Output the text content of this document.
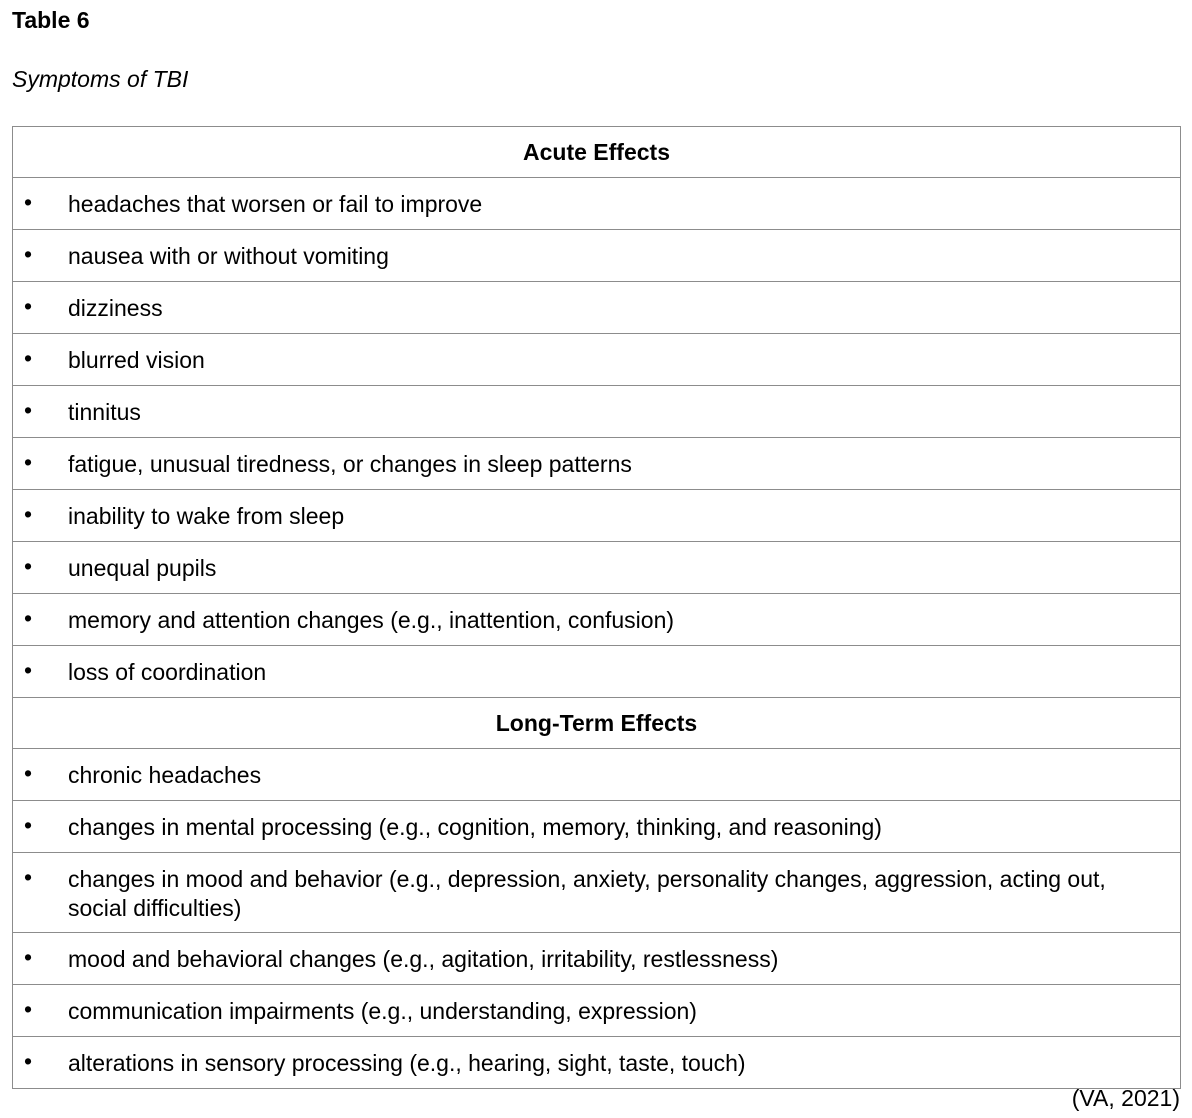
Table 6
Symptoms of TBI
Acute Effects

•	headaches that worsen or fail to improve

•	nausea with or without vomiting

•	dizziness

•	blurred vision

•	tinnitus

•	fatigue, unusual tiredness, or changes in sleep patterns

•	inability to wake from sleep

•	unequal pupils

•	memory and attention changes (e.g., inattention, confusion)

•	loss of coordination

Long-Term Effects

•	chronic headaches

•	changes in mental processing (e.g., cognition, memory, thinking, and reasoning)

•	changes in mood and behavior (e.g., depression, anxiety, personality changes, aggression, acting out, social difficulties)

•	mood and behavioral changes (e.g., agitation, irritability, restlessness)

•	communication impairments (e.g., understanding, expression)

•	alterations in sensory processing (e.g., hearing, sight, taste, touch)
(VA, 2021)
